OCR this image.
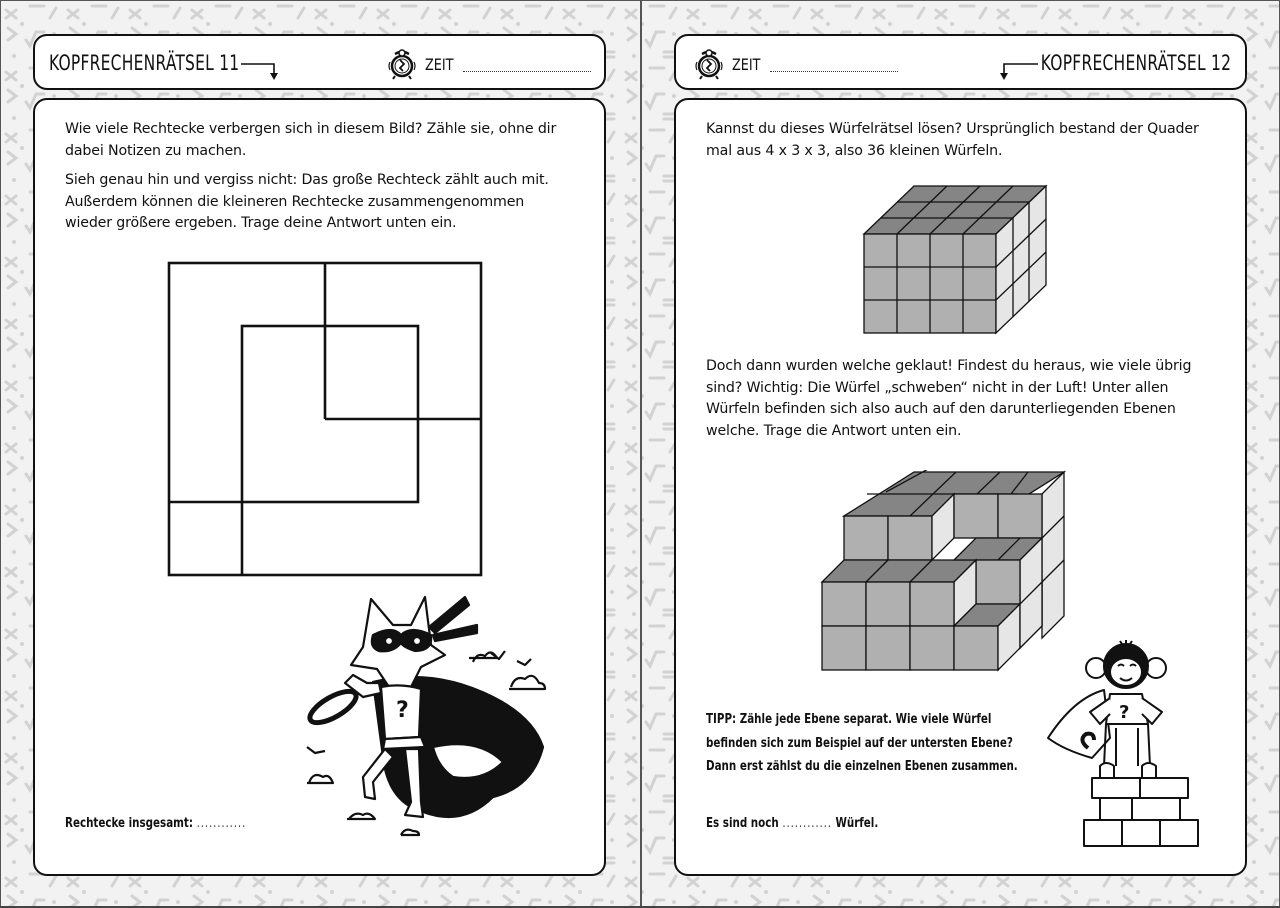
KOPFRECHENRÄTSEL 11	ZEIT

Wie viele Rechtecke verbergen sich in diesem Bild? Zähle sie, ohne dir dabei Notizen zu machen.

Sieh genau hin und vergiss nicht: Das große Rechteck zählt auch mit. Außerdem können die kleineren Rechtecke zusammengenommen wieder größere ergeben. Trage deine Antwort unten ein.

?
Rechtecke insgesamt: ............
ZEIT	KOPFRECHENRÄTSEL 12

Kannst du dieses Würfelrätsel lösen? Ursprünglich bestand der Quader mal aus 4 x 3 x 3, also 36 kleinen Würfeln.

Doch dann wurden welche geklaut! Findest du heraus, wie viele übrig sind? Wichtig: Die Würfel „schweben“ nicht in der Luft! Unter allen Würfeln befinden sich also auch auf den darunterliegenden Ebenen welche. Trage die Antwort unten ein.

TIPP: Zähle jede Ebene separat. Wie viele Würfel befinden sich zum Beispiel auf der untersten Ebene? Dann erst zählst du die einzelnen Ebenen zusammen.
?
Es sind noch ............ Würfel.
